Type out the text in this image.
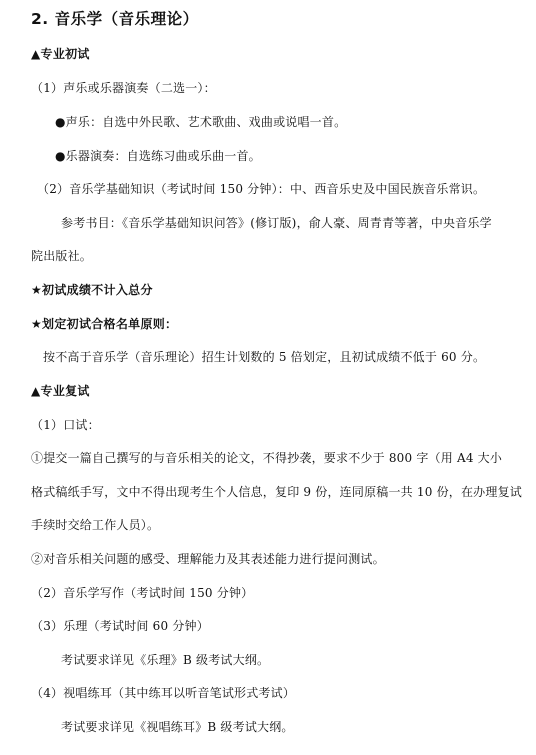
2. 音乐学（音乐理论）
▲专业初试
（1）声乐或乐器演奏（二选一）：
●声乐：自选中外民歌、艺术歌曲、戏曲或说唱一首。
●乐器演奏：自选练习曲或乐曲一首。
（2）音乐学基础知识（考试时间 150 分钟）：中、西音乐史及中国民族音乐常识。
参考书目：《音乐学基础知识问答》(修订版)，俞人豪、周青青等著，中央音乐学
院出版社。
★初试成绩不计入总分
★划定初试合格名单原则：
按不高于音乐学（音乐理论）招生计划数的 5 倍划定，且初试成绩不低于 60 分。
▲专业复试
（1）口试：
①提交一篇自己撰写的与音乐相关的论文，不得抄袭，要求不少于 800 字（用 A4 大小
格式稿纸手写，文中不得出现考生个人信息，复印 9 份，连同原稿一共 10 份，在办理复试
手续时交给工作人员）。
②对音乐相关问题的感受、理解能力及其表述能力进行提问测试。
（2）音乐学写作（考试时间 150 分钟）
（3）乐理（考试时间 60 分钟）
考试要求详见《乐理》B 级考试大纲。
（4）视唱练耳（其中练耳以听音笔试形式考试）
考试要求详见《视唱练耳》B 级考试大纲。
